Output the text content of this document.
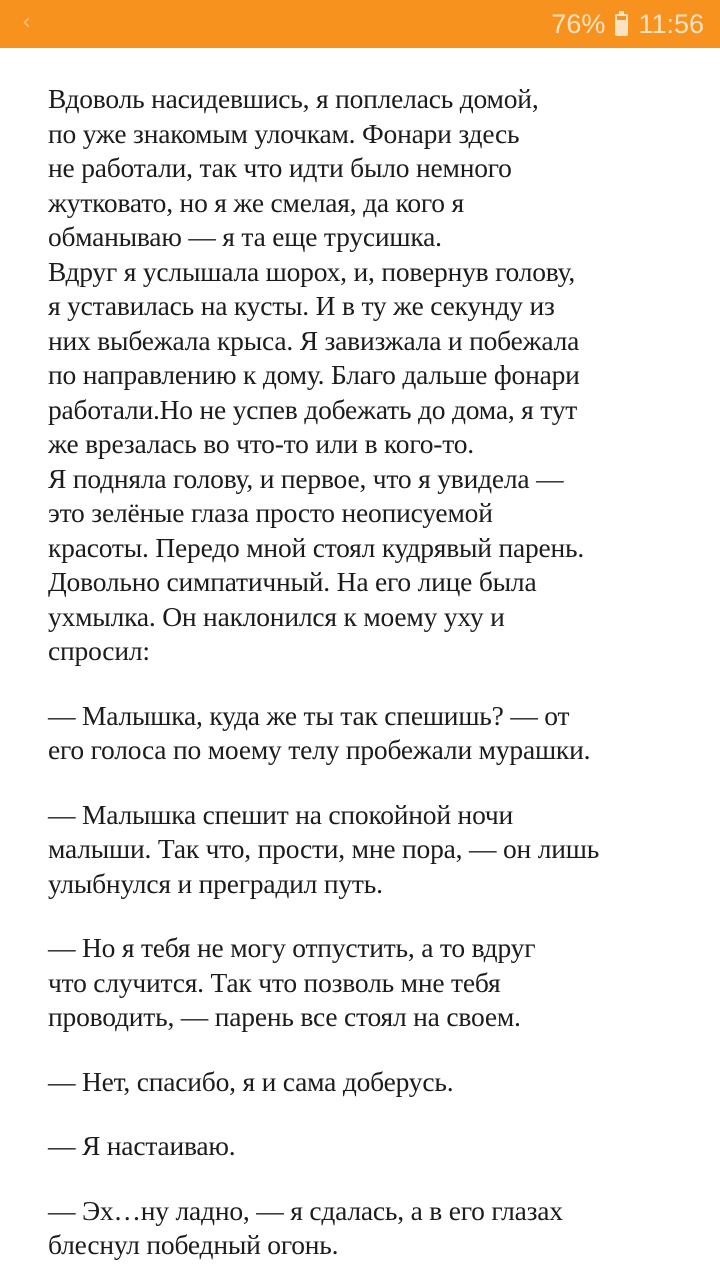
‹	76% 11:56

Вдоволь насидевшись, я поплелась домой,
по уже знакомым улочкам. Фонари здесь
не работали, так что идти было немного
жутковато, но я же смелая, да кого я
обманываю — я та еще трусишка.
Вдруг я услышала шорох, и, повернув голову,
я уставилась на кусты. И в ту же секунду из
них выбежала крыса. Я завизжала и побежала
по направлению к дому. Благо дальше фонари
работали.Но не успев добежать до дома, я тут
же врезалась во что-то или в кого-то.
Я подняла голову, и первое, что я увидела —
это зелёные глаза просто неописуемой
красоты. Передо мной стоял кудрявый парень.
Довольно симпатичный. На его лице была
ухмылка. Он наклонился к моему уху и
спросил:

— Малышка, куда же ты так спешишь? — от
его голоса по моему телу пробежали мурашки.

— Малышка спешит на спокойной ночи
малыши. Так что, прости, мне пора, — он лишь
улыбнулся и преградил путь.

— Но я тебя не могу отпустить, а то вдруг
что случится. Так что позволь мне тебя
проводить, — парень все стоял на своем.

— Нет, спасибо, я и сама доберусь.

— Я настаиваю.

— Эх…ну ладно, — я сдалась, а в его глазах
блеснул победный огонь.
